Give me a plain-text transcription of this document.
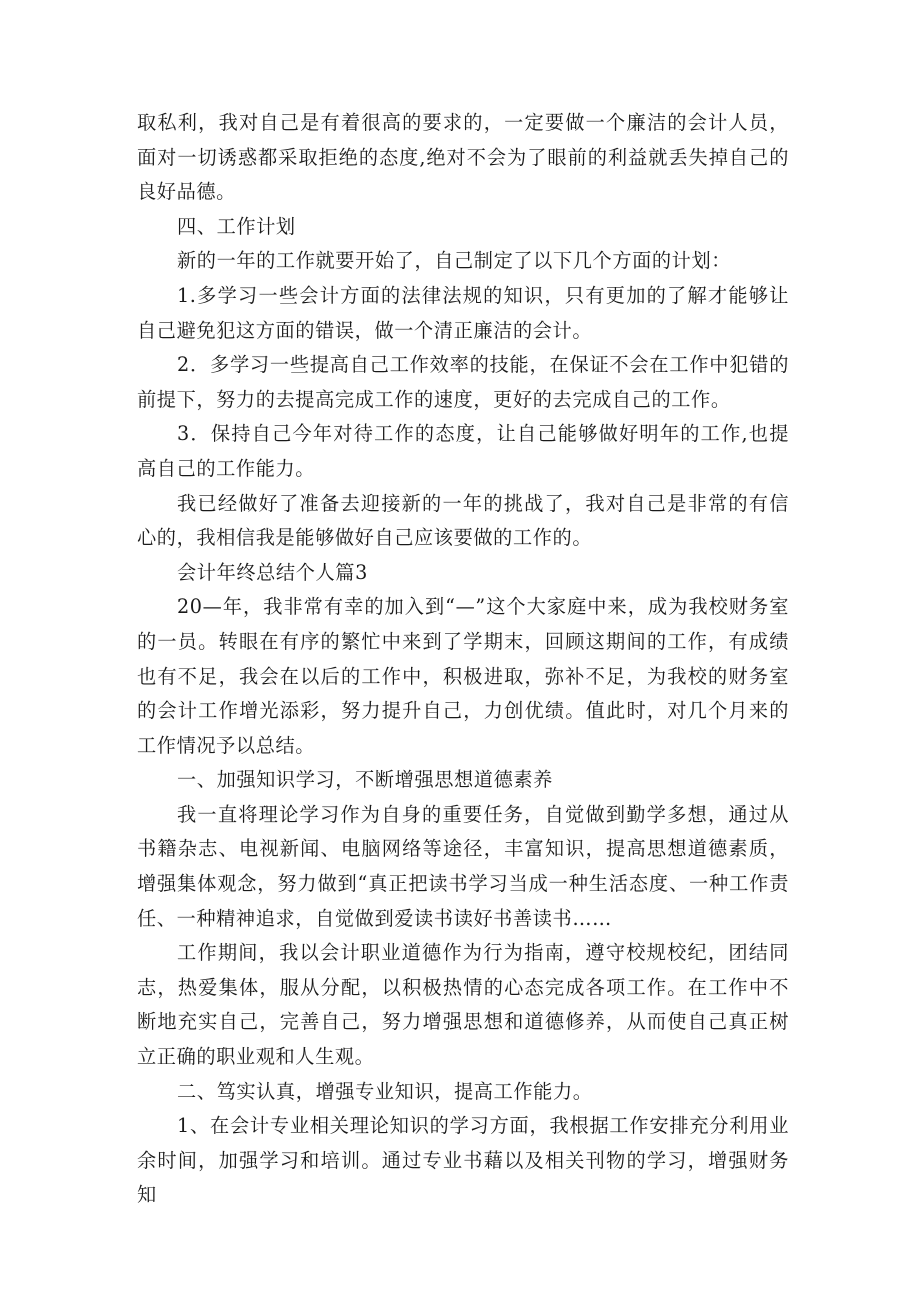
取私利，我对自己是有着很高的要求的，一定要做一个廉洁的会计人员，面对一切诱惑都采取拒绝的态度,绝对不会为了眼前的利益就丢失掉自己的良好品德。

四、工作计划

新的一年的工作就要开始了，自己制定了以下几个方面的计划：

1.多学习一些会计方面的法律法规的知识，只有更加的了解才能够让自己避免犯这方面的错误，做一个清正廉洁的会计。

2．多学习一些提高自己工作效率的技能，在保证不会在工作中犯错的前提下，努力的去提高完成工作的速度，更好的去完成自己的工作。

3．保持自己今年对待工作的态度，让自己能够做好明年的工作,也提高自己的工作能力。

我已经做好了准备去迎接新的一年的挑战了，我对自己是非常的有信心的，我相信我是能够做好自己应该要做的工作的。

会计年终总结个人篇3

20—年，我非常有幸的加入到“—”这个大家庭中来，成为我校财务室的一员。转眼在有序的繁忙中来到了学期末，回顾这期间的工作，有成绩也有不足，我会在以后的工作中，积极进取，弥补不足，为我校的财务室的会计工作增光添彩，努力提升自己，力创优绩。值此时，对几个月来的工作情况予以总结。

一、加强知识学习，不断增强思想道德素养

我一直将理论学习作为自身的重要任务，自觉做到勤学多想，通过从书籍杂志、电视新闻、电脑网络等途径，丰富知识，提高思想道德素质，增强集体观念，努力做到“真正把读书学习当成一种生活态度、一种工作责任、一种精神追求，自觉做到爱读书读好书善读书……

工作期间，我以会计职业道德作为行为指南，遵守校规校纪，团结同志，热爱集体，服从分配，以积极热情的心态完成各项工作。在工作中不断地充实自己，完善自己，努力增强思想和道德修养，从而使自己真正树立正确的职业观和人生观。

二、笃实认真，增强专业知识，提高工作能力。

1、在会计专业相关理论知识的学习方面，我根据工作安排充分利用业余时间，加强学习和培训。通过专业书藉以及相关刊物的学习，增强财务知
